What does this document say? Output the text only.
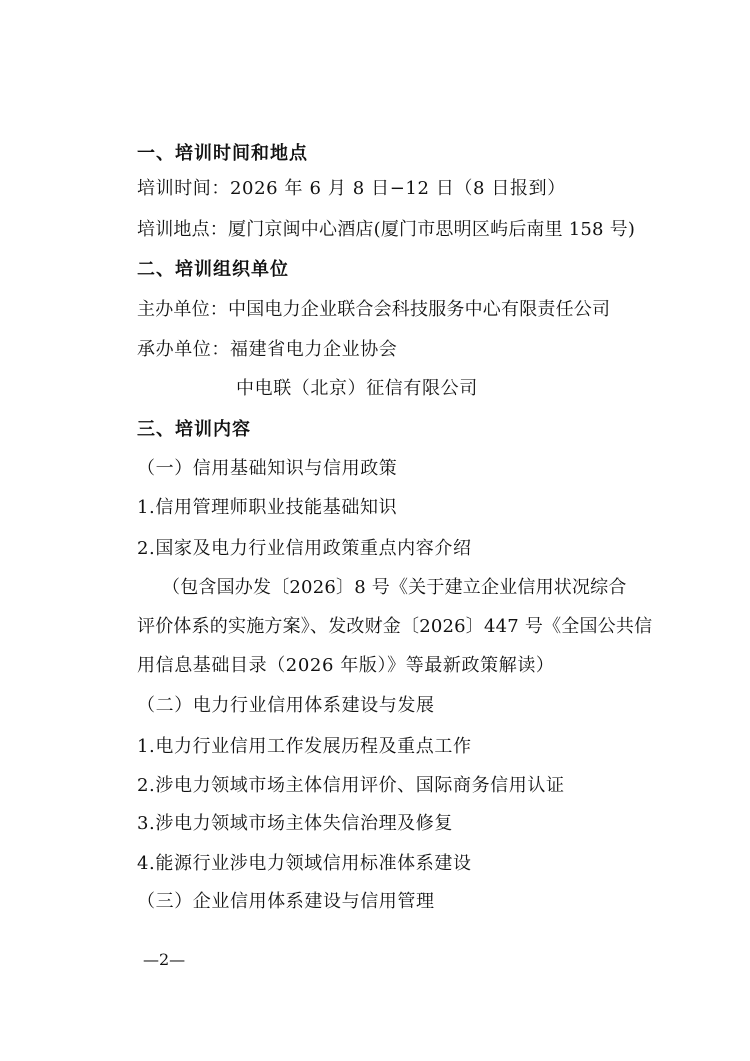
一、培训时间和地点
培训时间：2026 年 6 月 8 日−12 日（8 日报到）
培训地点：厦门京闽中心酒店(厦门市思明区屿后南里 158 号)
二、培训组织单位
主办单位：中国电力企业联合会科技服务中心有限责任公司
承办单位：福建省电力企业协会
中电联（北京）征信有限公司
三、培训内容
（一）信用基础知识与信用政策
1.信用管理师职业技能基础知识
2.国家及电力行业信用政策重点内容介绍
（包含国办发〔2026〕8 号《关于建立企业信用状况综合
评价体系的实施方案》、发改财金〔2026〕447 号《全国公共信
用信息基础目录（2026 年版）》等最新政策解读）
（二）电力行业信用体系建设与发展
1.电力行业信用工作发展历程及重点工作
2.涉电力领域市场主体信用评价、国际商务信用认证
3.涉电力领域市场主体失信治理及修复
4.能源行业涉电力领域信用标准体系建设
（三）企业信用体系建设与信用管理
—2—
